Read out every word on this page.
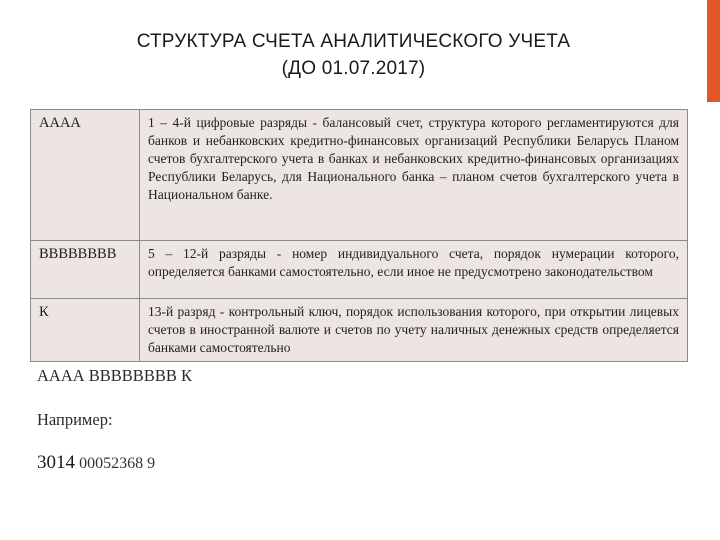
СТРУКТУРА СЧЕТА АНАЛИТИЧЕСКОГО УЧЕТА
(ДО 01.07.2017)
АААА	1 – 4-й цифровые разряды - балансовый счет, структура которого регламентируются для банков и небанковских кредитно-финансовых организаций Республики Беларусь Планом счетов бухгалтерского учета в банках и небанковских кредитно-финансовых организациях Республики Беларусь, для Национального банка – планом счетов бухгалтерского учета в Национальном банке.
BBBBBBBB	5 – 12-й разряды - номер индивидуального счета, порядок нумерации которого, определяется банками самостоятельно, если иное не предусмотрено законодательством
К	13-й разряд - контрольный ключ, порядок использования которого, при открытии лицевых счетов в иностранной валюте и счетов по учету наличных денежных средств определяется банками самостоятельно
АААА ВВВВВВВВ К
Например:
3014 00052368 9
